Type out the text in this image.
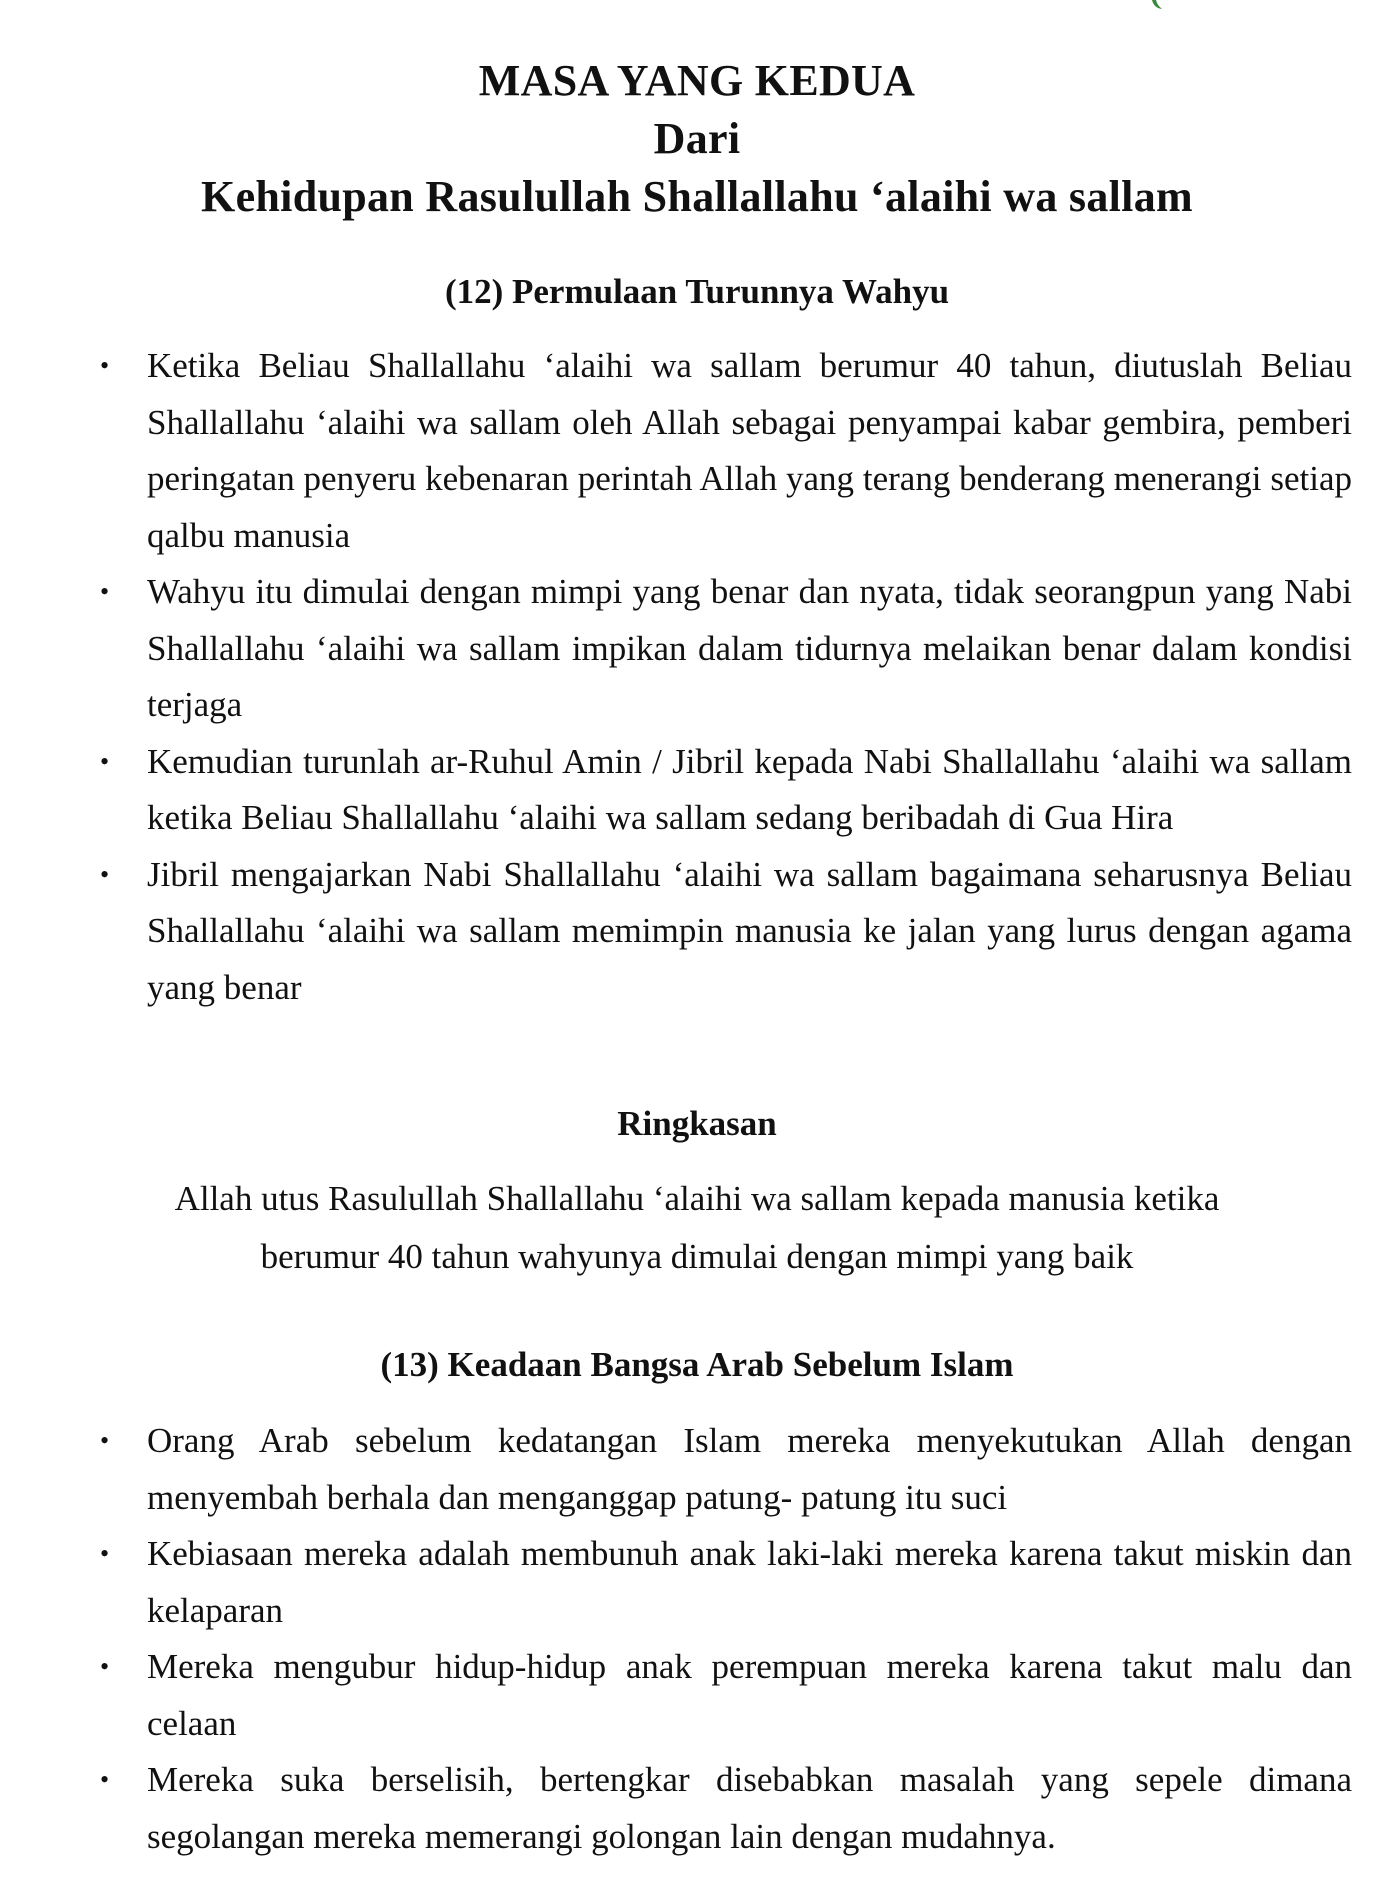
MASA YANG KEDUA
Dari
Kehidupan Rasulullah Shallallahu ‘alaihi wa sallam
(12) Permulaan Turunnya Wahyu
•	Ketika Beliau Shallallahu ‘alaihi wa sallam berumur 40 tahun, diutuslah Beliau Shallallahu ‘alaihi wa sallam oleh Allah sebagai penyampai kabar gembira, pemberi peringatan penyeru kebenaran perintah Allah yang terang benderang menerangi setiap qalbu manusia
•	Wahyu itu dimulai dengan mimpi yang benar dan nyata, tidak seorangpun yang Nabi Shallallahu ‘alaihi wa sallam impikan dalam tidurnya melaikan benar dalam kondisi terjaga
•	Kemudian turunlah ar-Ruhul Amin / Jibril kepada Nabi Shallallahu ‘alaihi wa sallam ketika Beliau Shallallahu ‘alaihi wa sallam sedang beribadah di Gua Hira
•	Jibril mengajarkan Nabi Shallallahu ‘alaihi wa sallam bagaimana seharusnya Beliau Shallallahu ‘alaihi wa sallam memimpin manusia ke jalan yang lurus dengan agama yang benar
Ringkasan
Allah utus Rasulullah Shallallahu ‘alaihi wa sallam kepada manusia ketika
berumur 40 tahun wahyunya dimulai dengan mimpi yang baik
(13) Keadaan Bangsa Arab Sebelum Islam
•	Orang Arab sebelum kedatangan Islam mereka menyekutukan Allah dengan menyembah berhala dan menganggap patung- patung itu suci
•	Kebiasaan mereka adalah membunuh anak laki-laki mereka karena takut miskin dan kelaparan
•	Mereka mengubur hidup-hidup anak perempuan mereka karena takut malu dan celaan
•	Mereka suka berselisih, bertengkar disebabkan masalah yang sepele dimana segolangan mereka memerangi golongan lain dengan mudahnya.
